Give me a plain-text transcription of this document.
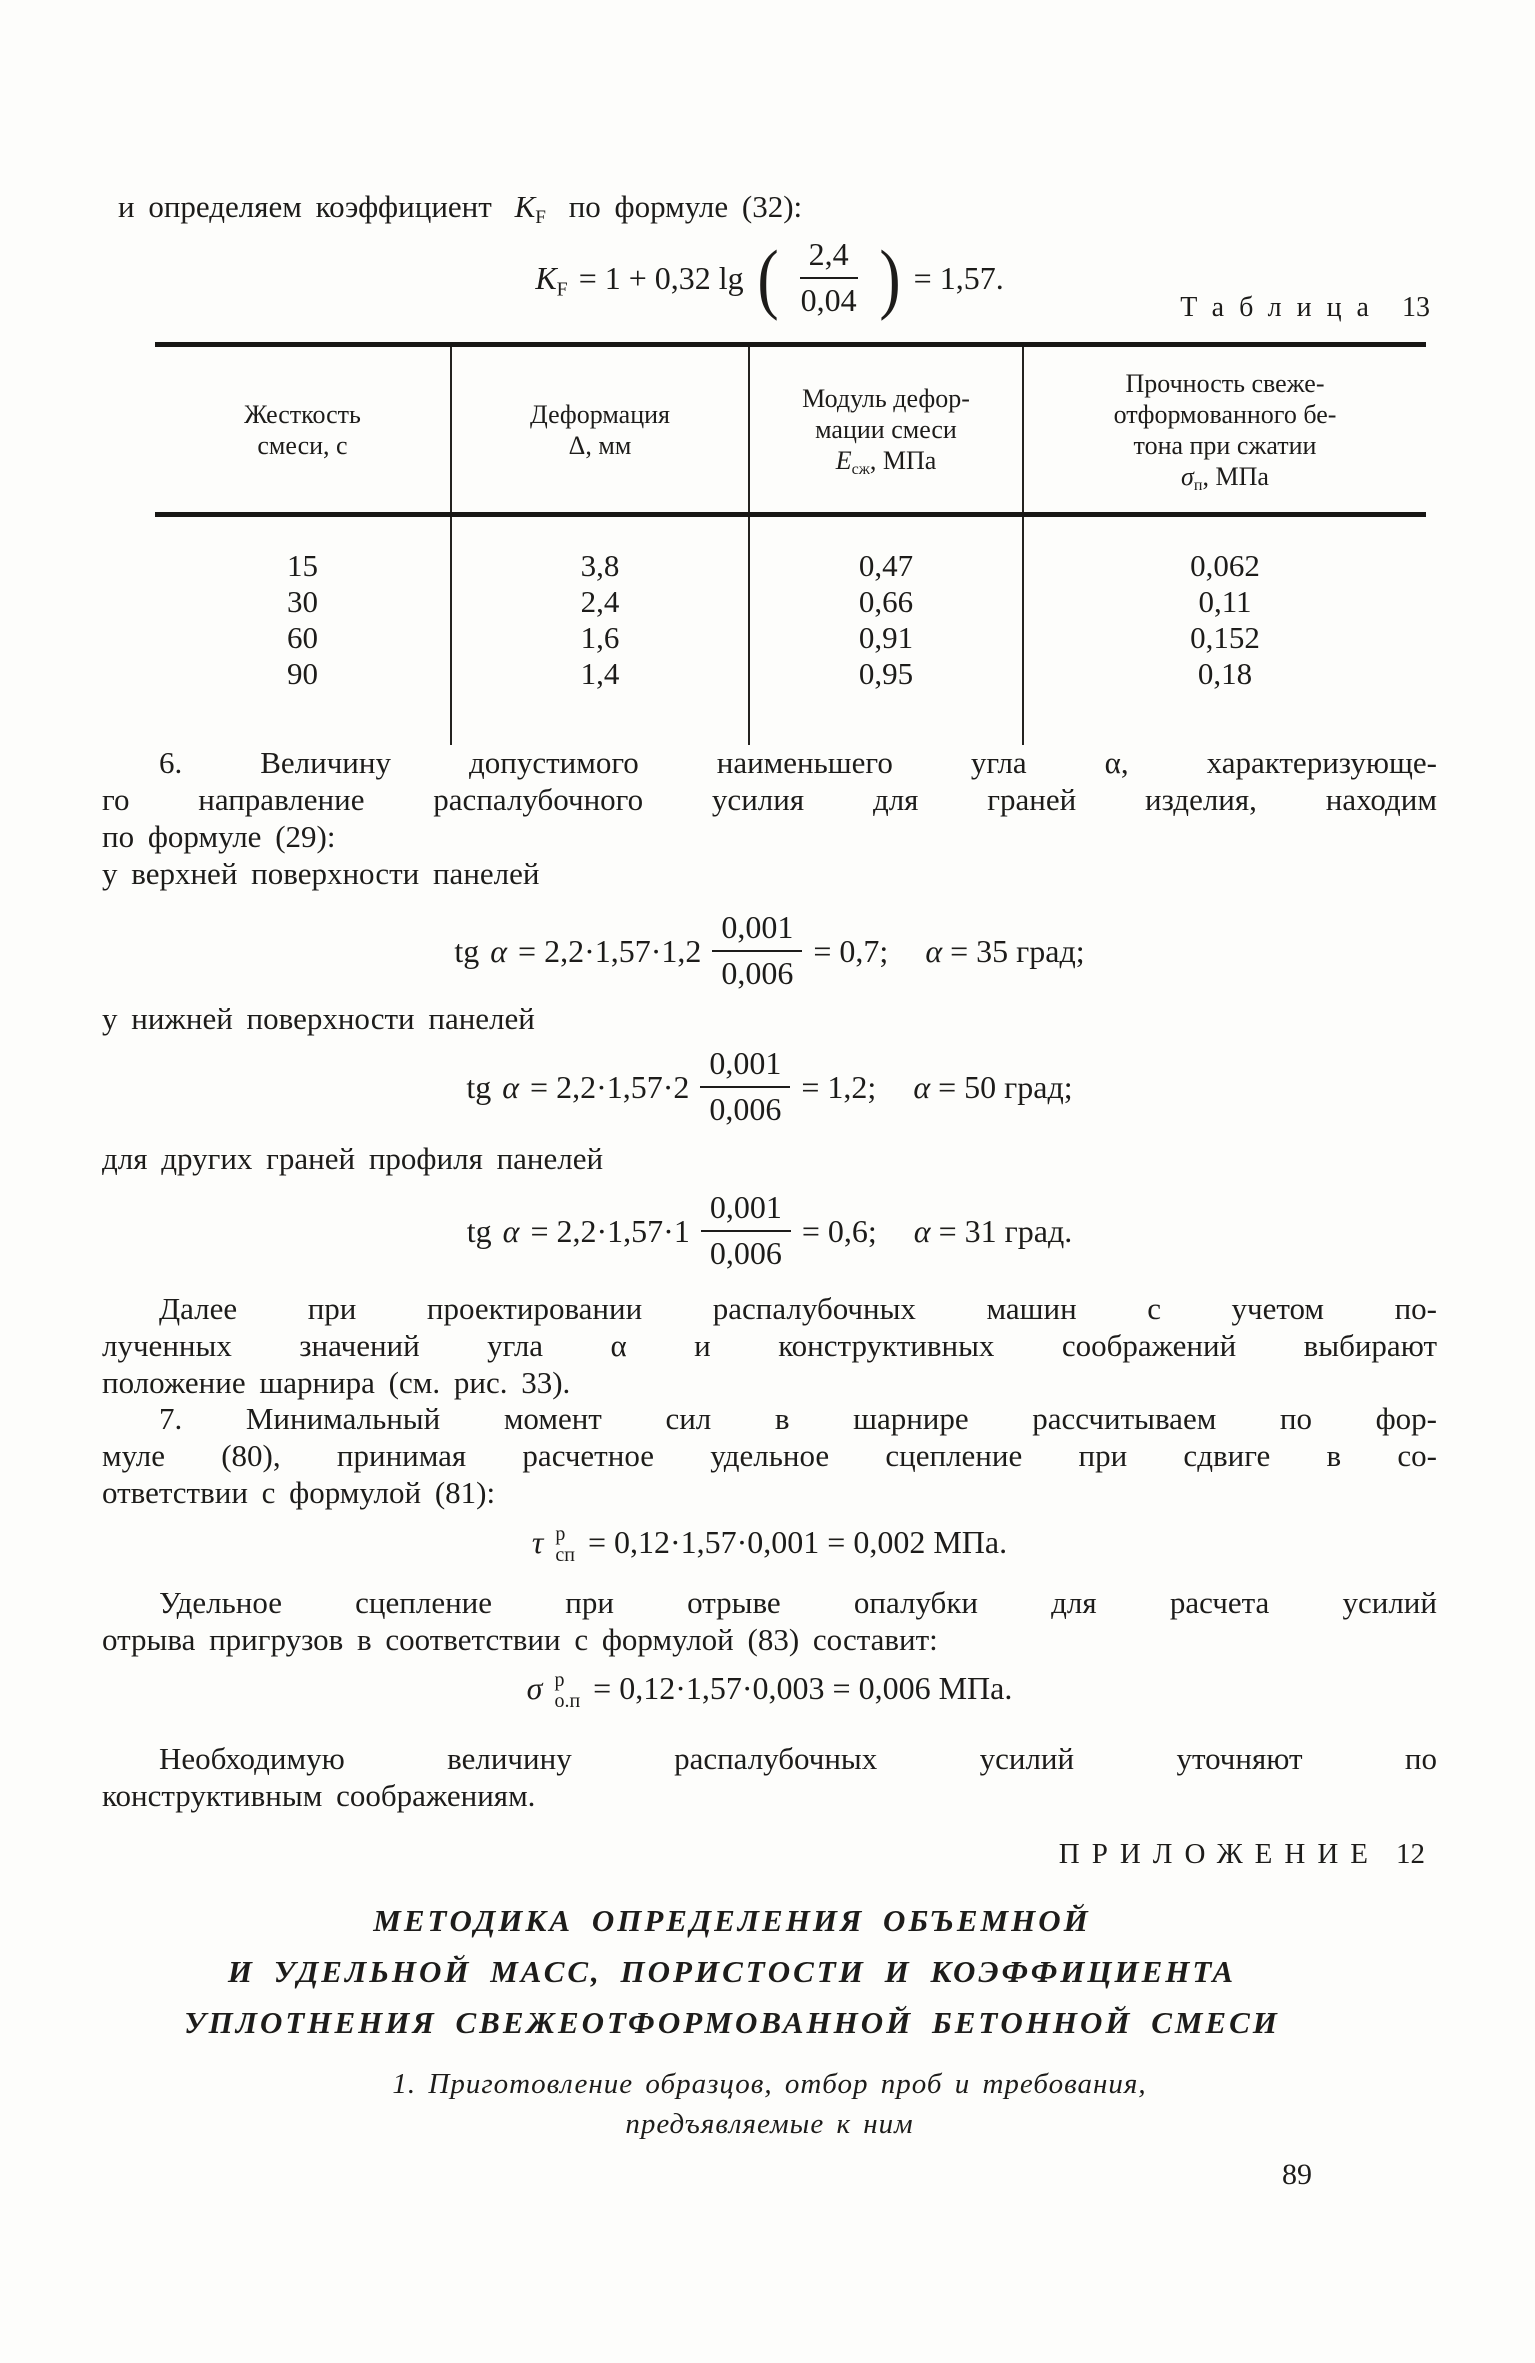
и определяем коэффициент $K_F$ по формуле (32):
$K_F = 1 + 0,32$ lg ( $\frac{2,4}{0,04}$ ) = 1,57.
Таблица 13
Жесткость
смеси, с
Деформация
Δ, мм
Модуль дефор-
мации смеси
$E_{сж}$, МПа
Прочность свеже-
отформованного бе-
тона при сжатии
$\sigma_п$, МПа
15
30
60
90
3,8
2,4
1,6
1,4
0,47
0,66
0,91
0,95
0,062
0,11
0,152
0,18
6. Величину допустимого наименьшего угла α, характеризующе-
го направление распалубочного усилия для граней изделия, находим
по формуле (29):
у верхней поверхности панелей
tg $\alpha = 2,2\cdot 1,57\cdot 1,2 \frac{0,001}{0,006} = 0,7$; α = 35 град;
у нижней поверхности панелей
tg $\alpha = 2,2\cdot 1,57\cdot 2 \frac{0,001}{0,006} = 1,2$; α = 50 град;
для других граней профиля панелей
tg $\alpha = 2,2\cdot 1,57\cdot 1 \frac{0,001}{0,006} = 0,6$; α = 31 град.
Далее при проектировании распалубочных машин с учетом по-
лученных значений угла α и конструктивных соображений выбирают
положение шарнира (см. рис. 33).
7. Минимальный момент сил в шарнире рассчитываем по фор-
муле (80), принимая расчетное удельное сцепление при сдвиге в со-
ответствии с формулой (81):
τ р
сп = 0,12·1,57·0,001 = 0,002 МПа.
Удельное сцепление при отрыве опалубки для расчета усилий
отрыва пригрузов в соответствии с формулой (83) составит:
σ р
о.п = 0,12·1,57·0,003 = 0,006 МПа.
Необходимую величину распалубочных усилий уточняют по
конструктивным соображениям.
ПРИЛОЖЕНИЕ 12
МЕТОДИКА ОПРЕДЕЛЕНИЯ ОБЪЕМНОЙ
И УДЕЛЬНОЙ МАСС, ПОРИСТОСТИ И КОЭФФИЦИЕНТА
УПЛОТНЕНИЯ СВЕЖЕОТФОРМОВАННОЙ БЕТОННОЙ СМЕСИ
1. Приготовление образцов, отбор проб и требования,
предъявляемые к ним
89
